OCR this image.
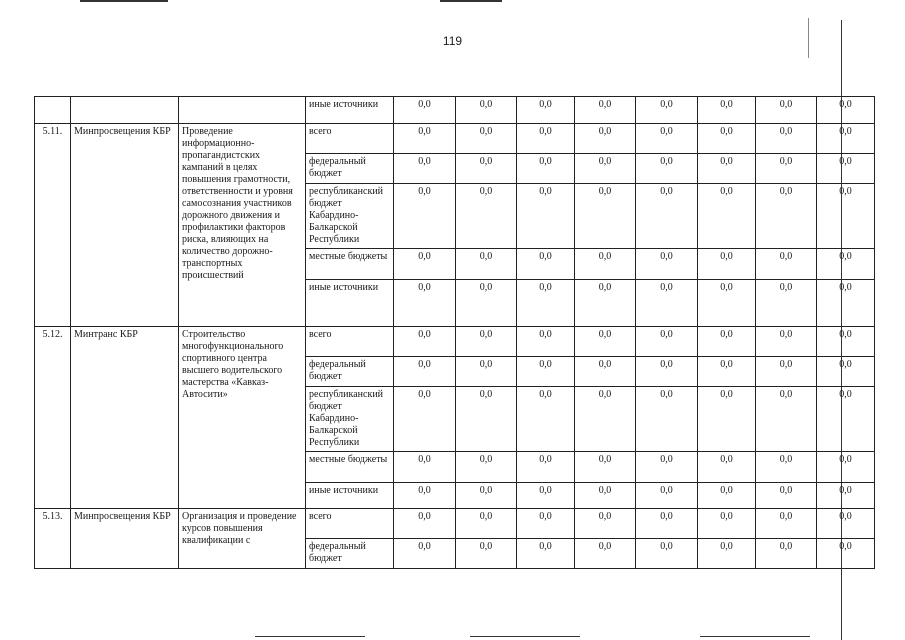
119
			иные источники	0,0	0,0	0,0	0,0	0,0	0,0	0,0	0,0
5.11.	Минпросвещения КБР	Проведение информационно-пропагандистских кампаний в целях повышения грамотности, ответственности и уровня самосознания участников дорожного движения и профилактики факторов риска, влияющих на количество дорожно-транспортных происшествий	всего	0,0	0,0	0,0	0,0	0,0	0,0	0,0	0,0
			федеральный бюджет	0,0	0,0	0,0	0,0	0,0	0,0	0,0	0,0
			республиканский бюджет Кабардино-Балкарской Республики	0,0	0,0	0,0	0,0	0,0	0,0	0,0	0,0
			местные бюджеты	0,0	0,0	0,0	0,0	0,0	0,0	0,0	0,0
			иные источники	0,0	0,0	0,0	0,0	0,0	0,0	0,0	0,0
5.12.	Минтранс КБР	Строительство многофункционального спортивного центра высшего водительского мастерства «Кавказ-Автосити»	всего	0,0	0,0	0,0	0,0	0,0	0,0	0,0	0,0
			федеральный бюджет	0,0	0,0	0,0	0,0	0,0	0,0	0,0	0,0
			республиканский бюджет Кабардино-Балкарской Республики	0,0	0,0	0,0	0,0	0,0	0,0	0,0	0,0
			местные бюджеты	0,0	0,0	0,0	0,0	0,0	0,0	0,0	0,0
			иные источники	0,0	0,0	0,0	0,0	0,0	0,0	0,0	0,0
5.13.	Минпросвещения КБР	Организация и проведение курсов повышения квалификации с	всего	0,0	0,0	0,0	0,0	0,0	0,0	0,0	0,0
			федеральный бюджет	0,0	0,0	0,0	0,0	0,0	0,0	0,0	0,0
